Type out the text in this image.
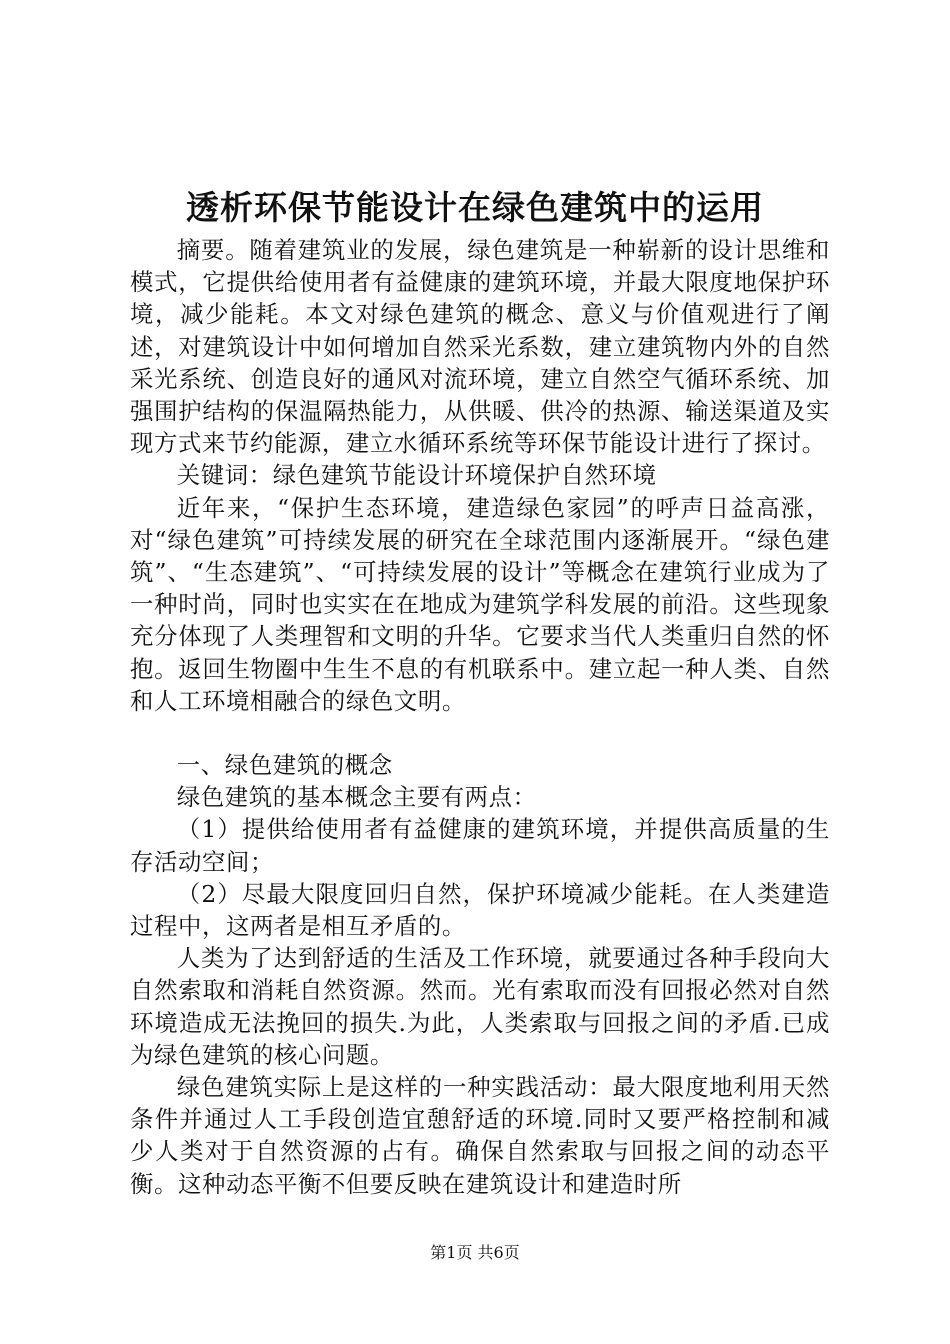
透析环保节能设计在绿色建筑中的运用

摘要。随着建筑业的发展，绿色建筑是一种崭新的设计思维和模式，它提供给使用者有益健康的建筑环境，并最大限度地保护环境，减少能耗。本文对绿色建筑的概念、意义与价值观进行了阐述，对建筑设计中如何增加自然采光系数，建立建筑物内外的自然采光系统、创造良好的通风对流环境，建立自然空气循环系统、加强围护结构的保温隔热能力，从供暖、供冷的热源、输送渠道及实现方式来节约能源，建立水循环系统等环保节能设计进行了探讨。

关键词：绿色建筑节能设计环境保护自然环境

近年来，“保护生态环境，建造绿色家园”的呼声日益高涨，对“绿色建筑”可持续发展的研究在全球范围内逐渐展开。“绿色建筑”、“生态建筑”、“可持续发展的设计”等概念在建筑行业成为了一种时尚，同时也实实在在地成为建筑学科发展的前沿。这些现象充分体现了人类理智和文明的升华。它要求当代人类重归自然的怀抱。返回生物圈中生生不息的有机联系中。建立起一种人类、自然和人工环境相融合的绿色文明。

一、绿色建筑的概念

绿色建筑的基本概念主要有两点：

（1）提供给使用者有益健康的建筑环境，并提供高质量的生存活动空间；

（2）尽最大限度回归自然，保护环境减少能耗。在人类建造过程中，这两者是相互矛盾的。

人类为了达到舒适的生活及工作环境，就要通过各种手段向大自然索取和消耗自然资源。然而。光有索取而没有回报必然对自然环境造成无法挽回的损失.为此，人类索取与回报之间的矛盾.已成为绿色建筑的核心问题。

绿色建筑实际上是这样的一种实践活动：最大限度地利用天然条件并通过人工手段创造宜憩舒适的环境.同时又要严格控制和减少人类对于自然资源的占有。确保自然索取与回报之间的动态平衡。这种动态平衡不但要反映在建筑设计和建造时所

第1页 共6页
